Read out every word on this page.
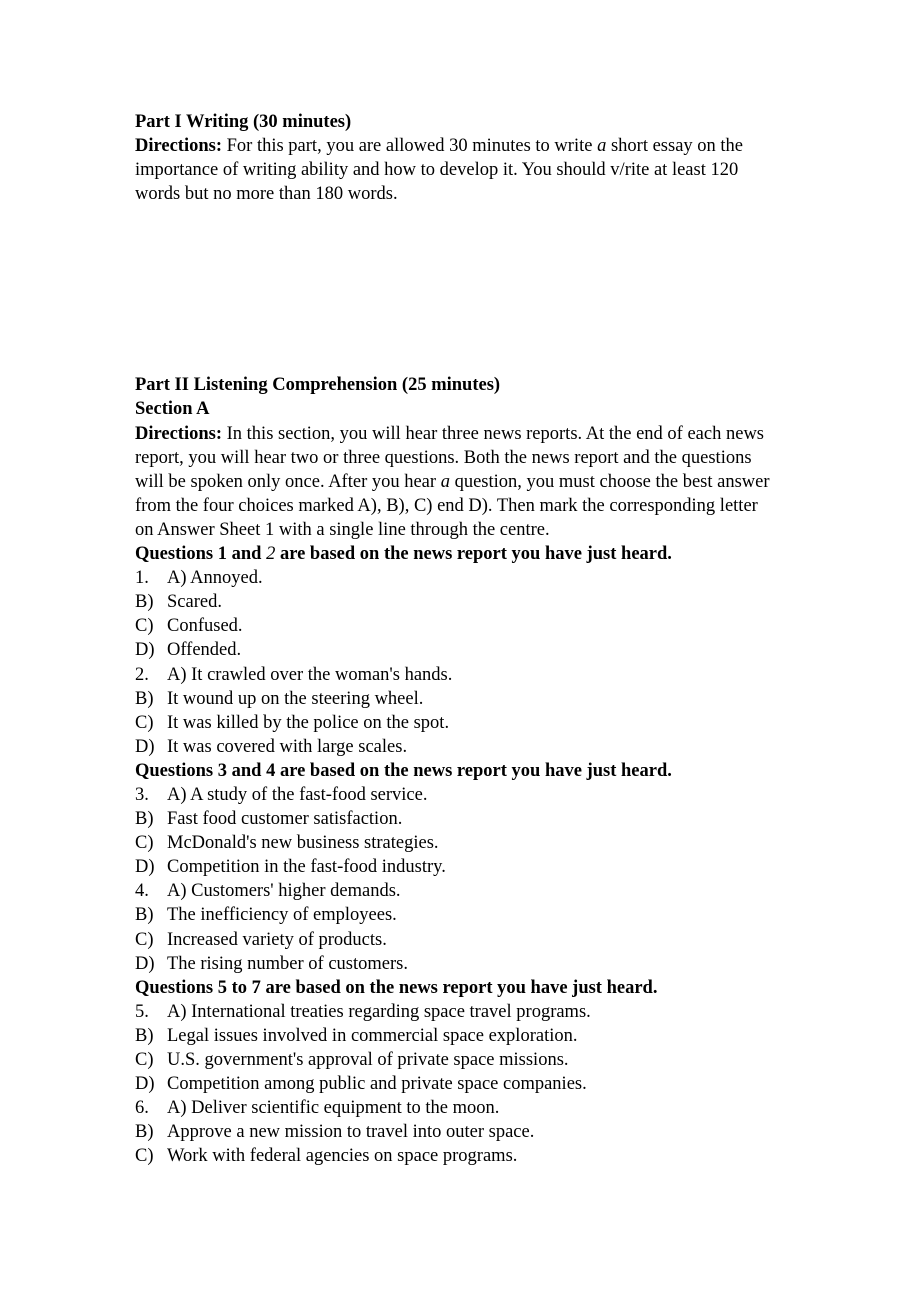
Part I Writing (30 minutes)
Directions: For this part, you are allowed 30 minutes to write a short essay on the
importance of writing ability and how to develop it. You should v/rite at least 120
words but no more than 180 words.
Part II Listening Comprehension (25 minutes)
Section A
Directions: In this section, you will hear three news reports. At the end of each news
report, you will hear two or three questions. Both the news report and the questions
will be spoken only once. After you hear a question, you must choose the best answer
from the four choices marked A), B), C) end D). Then mark the corresponding letter
on Answer Sheet 1 with a single line through the centre.
Questions 1 and 2 are based on the news report you have just heard.
1. A) Annoyed.
B) Scared.
C) Confused.
D) Offended.
2. A) It crawled over the woman's hands.
B) It wound up on the steering wheel.
C) It was killed by the police on the spot.
D) It was covered with large scales.
Questions 3 and 4 are based on the news report you have just heard.
3. A) A study of the fast-food service.
B) Fast food customer satisfaction.
C) McDonald's new business strategies.
D) Competition in the fast-food industry.
4. A) Customers' higher demands.
B) The inefficiency of employees.
C) Increased variety of products.
D) The rising number of customers.
Questions 5 to 7 are based on the news report you have just heard.
5. A) International treaties regarding space travel programs.
B) Legal issues involved in commercial space exploration.
C) U.S. government's approval of private space missions.
D) Competition among public and private space companies.
6. A) Deliver scientific equipment to the moon.
B) Approve a new mission to travel into outer space.
C) Work with federal agencies on space programs.
